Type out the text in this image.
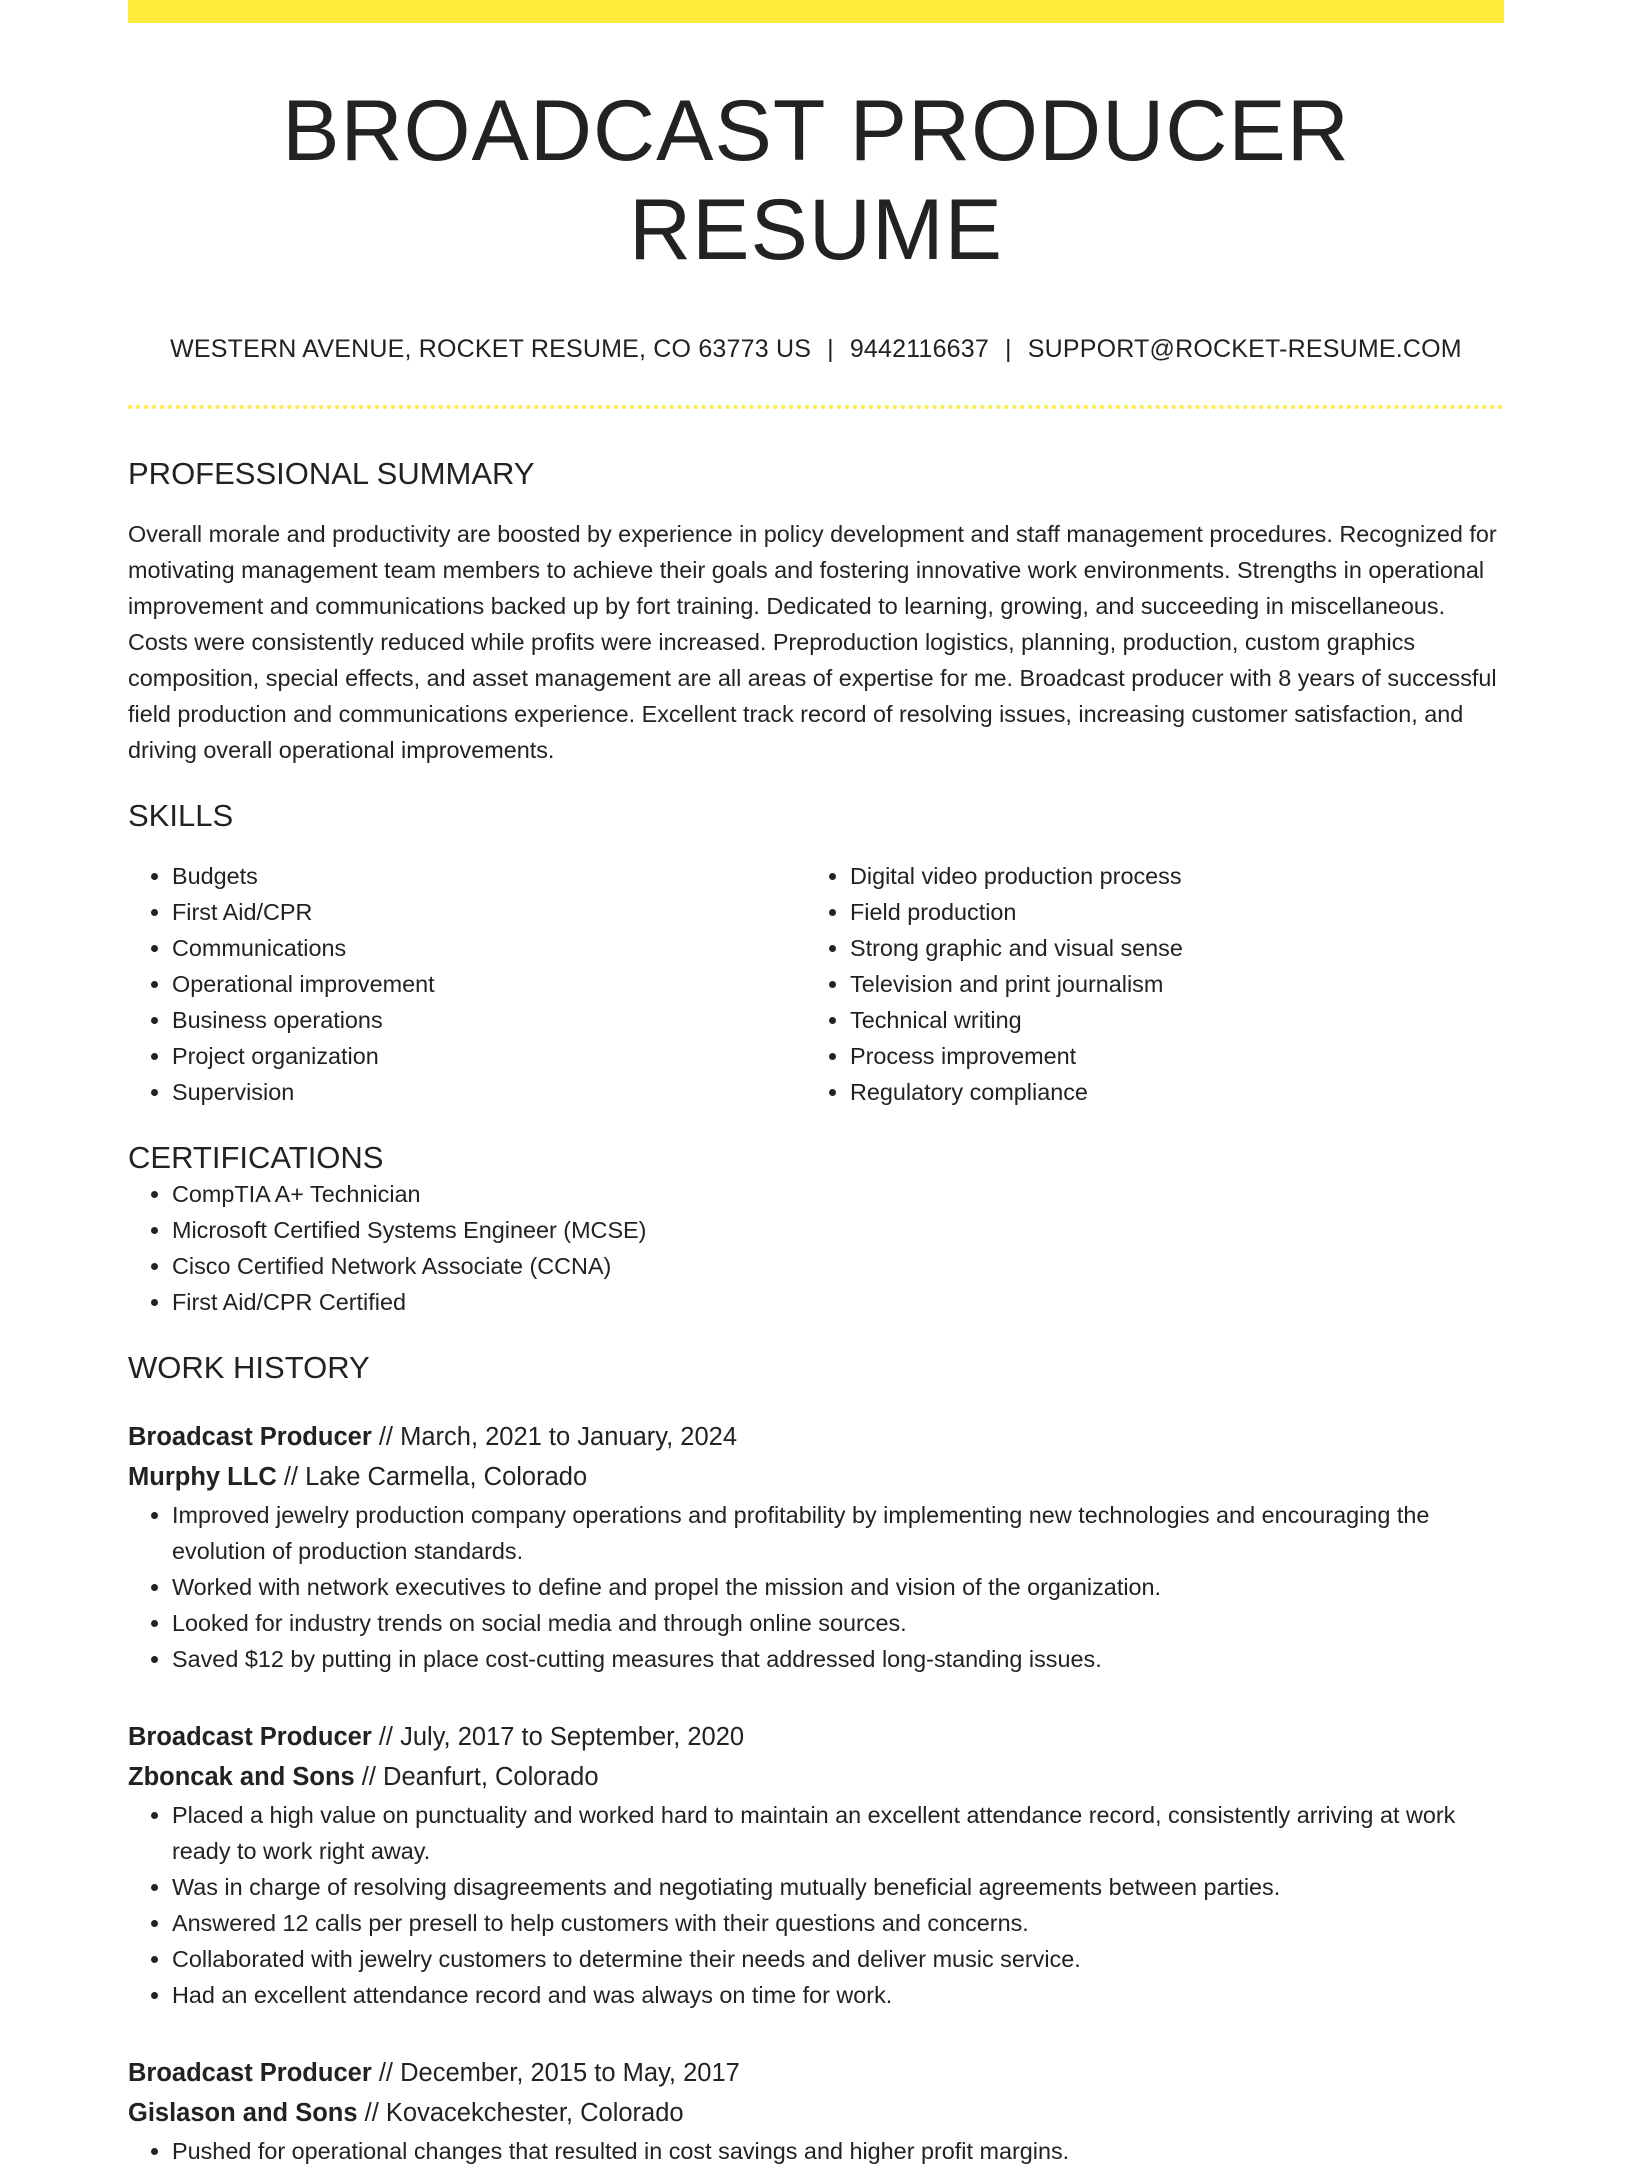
BROADCAST PRODUCER RESUME
WESTERN AVENUE, ROCKET RESUME, CO 63773 US | 9442116637 | SUPPORT@ROCKET-RESUME.COM
PROFESSIONAL SUMMARY

Overall morale and productivity are boosted by experience in policy development and staff management procedures. Recognized for motivating management team members to achieve their goals and fostering innovative work environments. Strengths in operational improvement and communications backed up by fort training. Dedicated to learning, growing, and succeeding in miscellaneous. Costs were consistently reduced while profits were increased. Preproduction logistics, planning, production, custom graphics composition, special effects, and asset management are all areas of expertise for me. Broadcast producer with 8 years of successful field production and communications experience. Excellent track record of resolving issues, increasing customer satisfaction, and driving overall operational improvements.

SKILLS
• Budgets
• First Aid/CPR
• Communications
• Operational improvement
• Business operations
• Project organization
• Supervision
• Digital video production process
• Field production
• Strong graphic and visual sense
• Television and print journalism
• Technical writing
• Process improvement
• Regulatory compliance
CERTIFICATIONS
• CompTIA A+ Technician
• Microsoft Certified Systems Engineer (MCSE)
• Cisco Certified Network Associate (CCNA)
• First Aid/CPR Certified
WORK HISTORY
Broadcast Producer // March, 2021 to January, 2024
Murphy LLC // Lake Carmella, Colorado
• Improved jewelry production company operations and profitability by implementing new technologies and encouraging the evolution of production standards.
• Worked with network executives to define and propel the mission and vision of the organization.
• Looked for industry trends on social media and through online sources.
• Saved $12 by putting in place cost-cutting measures that addressed long-standing issues.
Broadcast Producer // July, 2017 to September, 2020
Zboncak and Sons // Deanfurt, Colorado
• Placed a high value on punctuality and worked hard to maintain an excellent attendance record, consistently arriving at work ready to work right away.
• Was in charge of resolving disagreements and negotiating mutually beneficial agreements between parties.
• Answered 12 calls per presell to help customers with their questions and concerns.
• Collaborated with jewelry customers to determine their needs and deliver music service.
• Had an excellent attendance record and was always on time for work.
Broadcast Producer // December, 2015 to May, 2017
Gislason and Sons // Kovacekchester, Colorado
• Pushed for operational changes that resulted in cost savings and higher profit margins.
